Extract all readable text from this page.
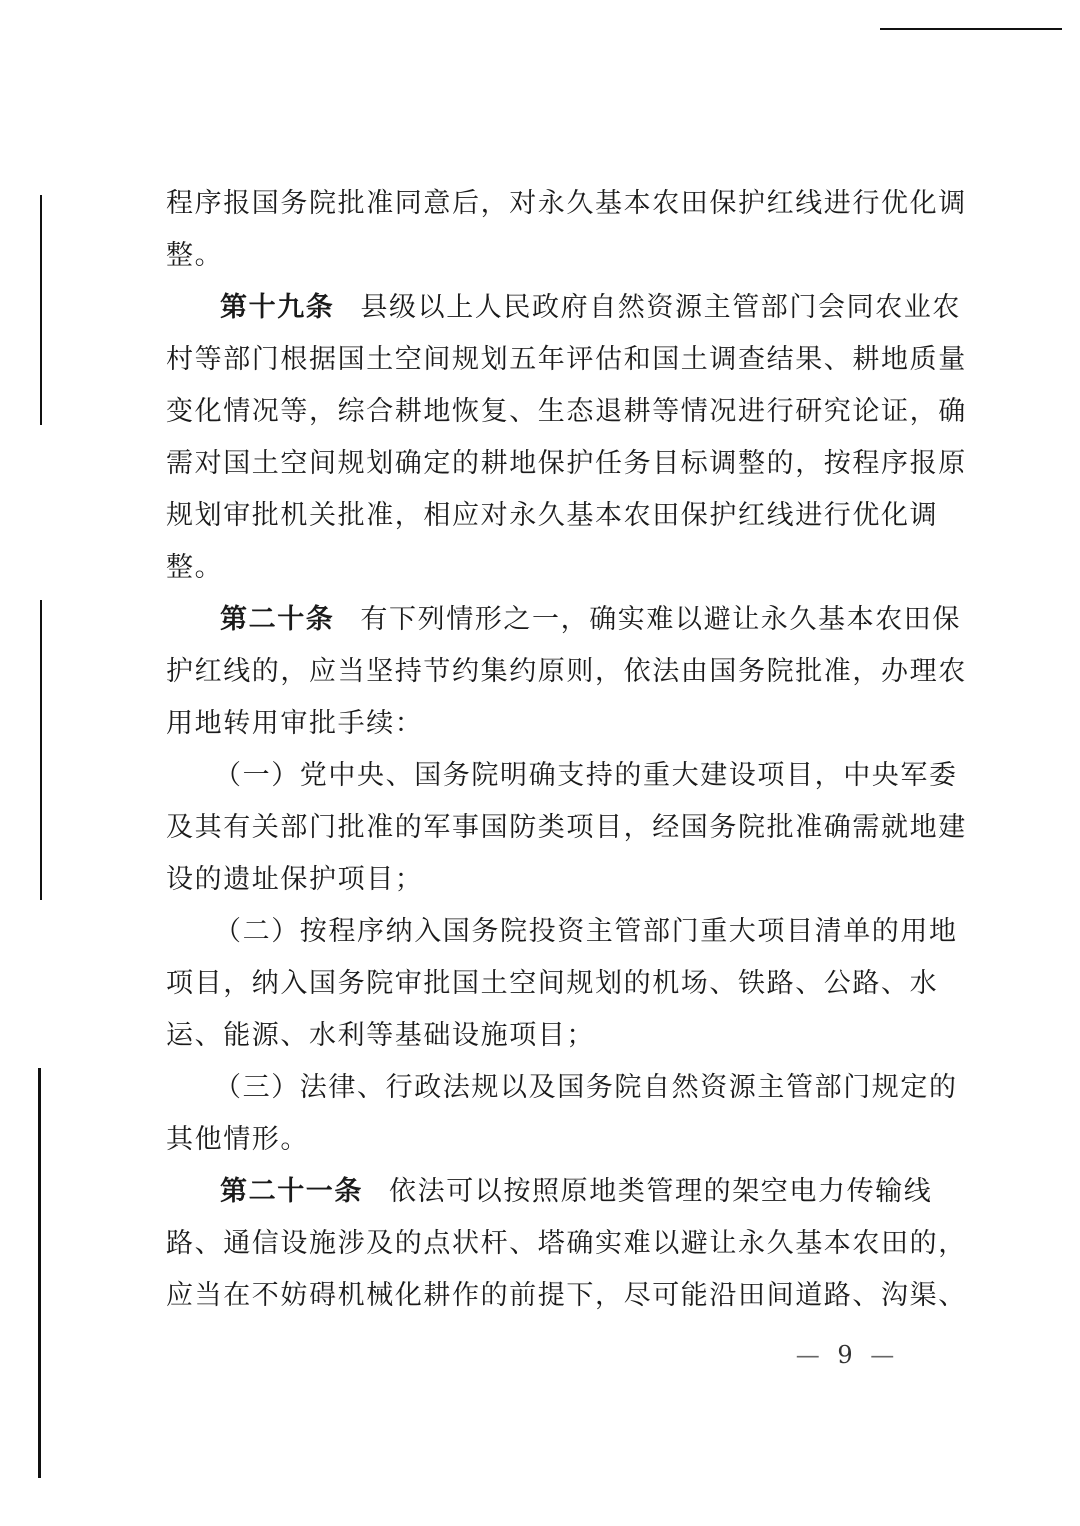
程序报国务院批准同意后，对永久基本农田保护红线进行优化调
整。
第十九条 县级以上人民政府自然资源主管部门会同农业农
村等部门根据国土空间规划五年评估和国土调查结果、耕地质量
变化情况等，综合耕地恢复、生态退耕等情况进行研究论证，确
需对国土空间规划确定的耕地保护任务目标调整的，按程序报原
规划审批机关批准，相应对永久基本农田保护红线进行优化调
整。
第二十条 有下列情形之一，确实难以避让永久基本农田保
护红线的，应当坚持节约集约原则，依法由国务院批准，办理农
用地转用审批手续：
（一）党中央、国务院明确支持的重大建设项目，中央军委
及其有关部门批准的军事国防类项目，经国务院批准确需就地建
设的遗址保护项目；
（二）按程序纳入国务院投资主管部门重大项目清单的用地
项目，纳入国务院审批国土空间规划的机场、铁路、公路、水
运、能源、水利等基础设施项目；
（三）法律、行政法规以及国务院自然资源主管部门规定的
其他情形。
第二十一条 依法可以按照原地类管理的架空电力传输线
路、通信设施涉及的点状杆、塔确实难以避让永久基本农田的，
应当在不妨碍机械化耕作的前提下，尽可能沿田间道路、沟渠、
— 9 —
